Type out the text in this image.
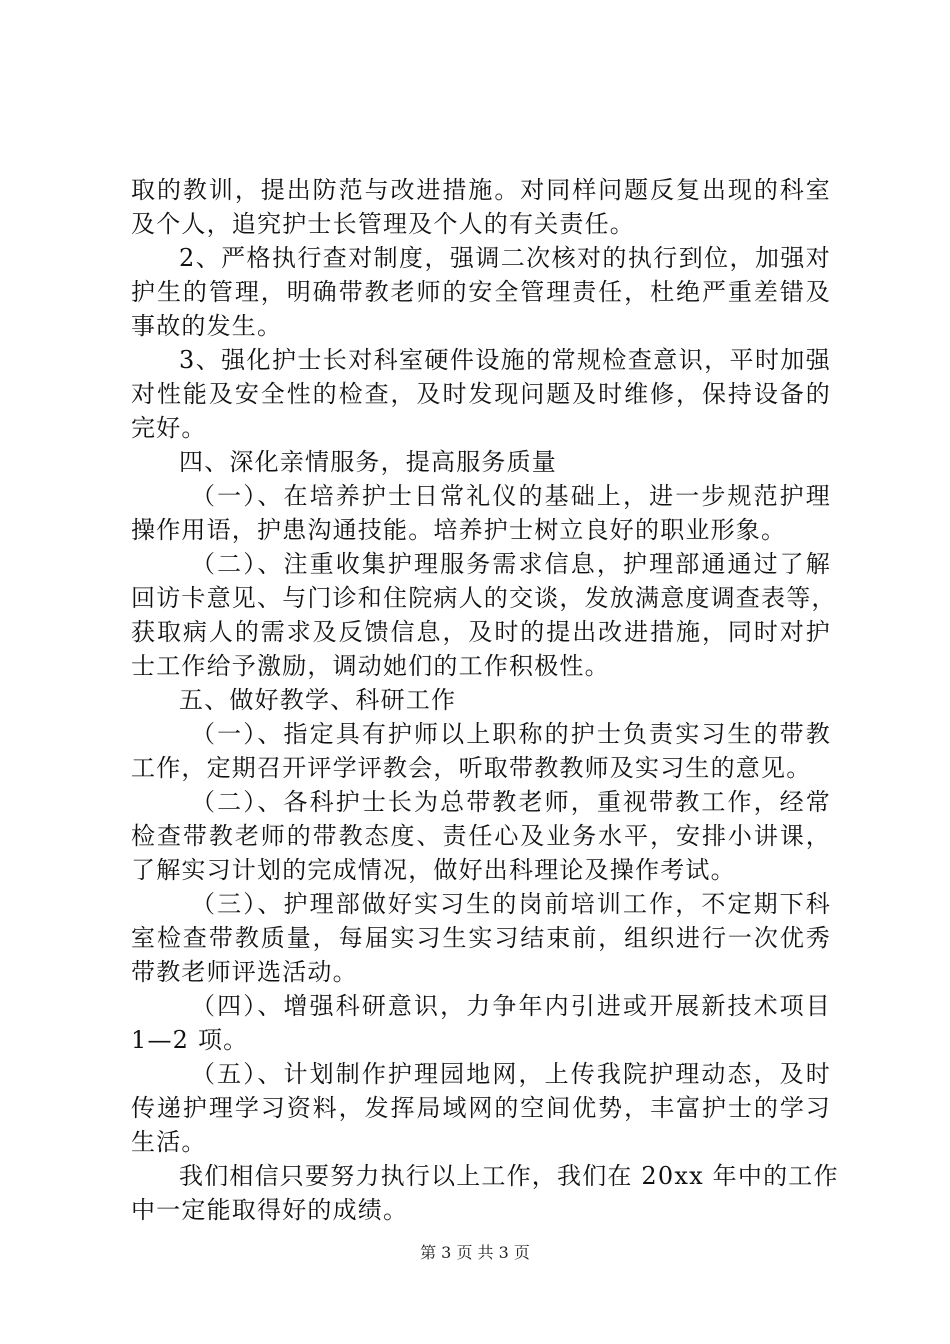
取的教训，提出防范与改进措施。对同样问题反复出现的科室
及个人，追究护士长管理及个人的有关责任。
2、严格执行查对制度，强调二次核对的执行到位，加强对
护生的管理，明确带教老师的安全管理责任，杜绝严重差错及
事故的发生。
3、强化护士长对科室硬件设施的常规检查意识，平时加强
对性能及安全性的检查，及时发现问题及时维修，保持设备的
完好。
四、深化亲情服务，提高服务质量
（一）、在培养护士日常礼仪的基础上，进一步规范护理
操作用语，护患沟通技能。培养护士树立良好的职业形象。
（二）、注重收集护理服务需求信息，护理部通通过了解
回访卡意见、与门诊和住院病人的交谈，发放满意度调查表等，
获取病人的需求及反馈信息，及时的提出改进措施，同时对护
士工作给予激励，调动她们的工作积极性。
五、做好教学、科研工作
（一）、指定具有护师以上职称的护士负责实习生的带教
工作，定期召开评学评教会，听取带教教师及实习生的意见。
（二）、各科护士长为总带教老师，重视带教工作，经常
检查带教老师的带教态度、责任心及业务水平，安排小讲课，
了解实习计划的完成情况，做好出科理论及操作考试。
（三）、护理部做好实习生的岗前培训工作，不定期下科
室检查带教质量，每届实习生实习结束前，组织进行一次优秀
带教老师评选活动。
（四）、增强科研意识，力争年内引进或开展新技术项目
1—2 项。
（五）、计划制作护理园地网，上传我院护理动态，及时
传递护理学习资料，发挥局域网的空间优势，丰富护士的学习
生活。
我们相信只要努力执行以上工作，我们在 20xx 年中的工作
中一定能取得好的成绩。
第 3 页 共 3 页
